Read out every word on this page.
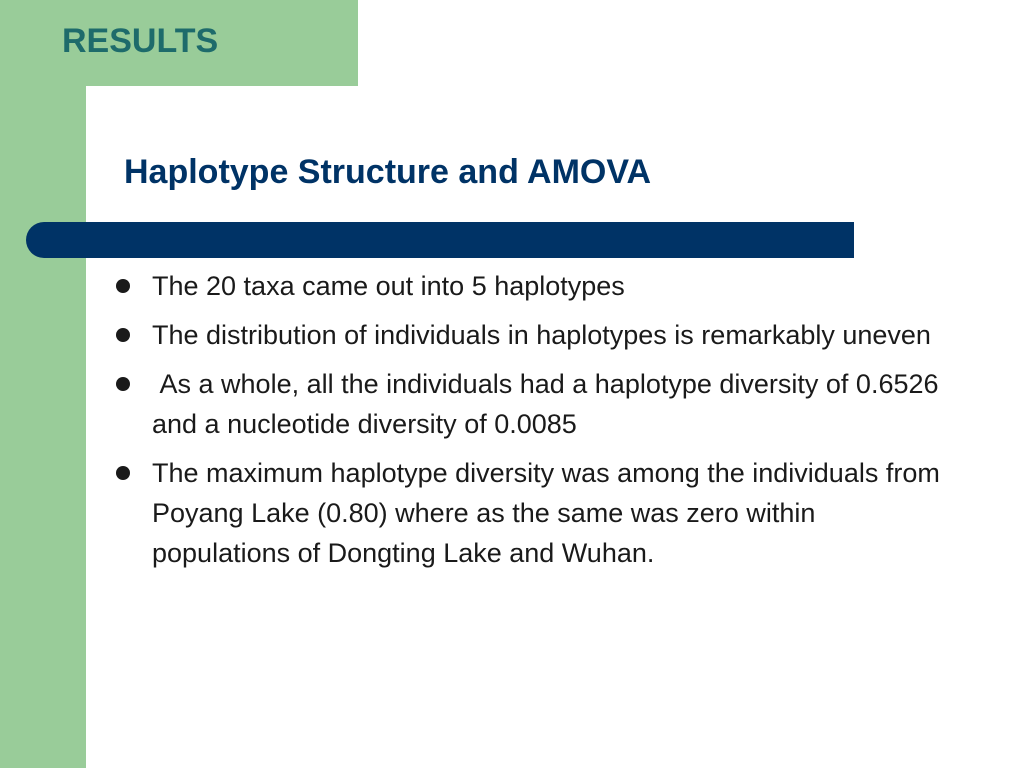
RESULTS
Haplotype Structure and AMOVA
The 20 taxa came out into 5 haplotypes
The distribution of individuals in haplotypes is remarkably uneven
As a whole, all the individuals had a haplotype diversity of 0.6526 and a nucleotide diversity of 0.0085
The maximum haplotype diversity was among the individuals from Poyang Lake (0.80) where as the same was zero within populations of Dongting Lake and Wuhan.
